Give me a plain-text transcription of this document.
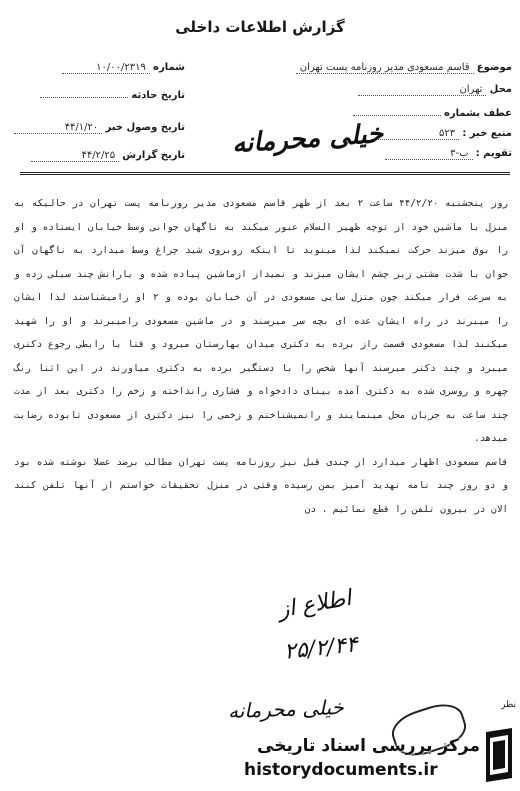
گزارش اطلاعات داخلی
موضوع قاسم مسعودی مدیر روزنامه پست تهران
محل تهران
عطف بشماره
منبع خبر : ۵۲۳
تقویم : ب-۳
شماره ۱۰/۰۰/۲۳۱۹
تاریخ حادثه
تاریخ وصول خبر ۴۴/۱/۲۰
تاریخ گزارش ۴۴/۲/۲۵	خیلی محرمانه

روز پنجشنبه ۴۴/۲/۲۰ ساعت ۲ بعد از ظهر قاسم مسعودی مدیر روزنامه پست تهران در حالیکه به منزل با ماشین خود از توچه ظهیر السلام عبور میکند به ناگهان جوانی وسط خیابان ایستاده و او را بوق میزند حرکت نمیکند لذا مینوید تا اینکه روبروی شید چراغ وسط میدارد به ناگهان آن جوان با شدت مشتی زیر چشم ایشان میزند و نمیداز ازماشین پیاده شده و یارانش چند سیلی زده و به سرعت فرار میکند چون منزل سایی مسعودی در آن خیابان بوده و ۲ او رامیشناسند لذا ایشان را میبرند در راه ایشان عده ای بچه سر میرسند و در ماشین مسعودی رامیبرند و او را شهید میکنند لذا مسعودی قسمت راز برده به دکتری میدان بهارستان میرود و قتا با رابطی رجوع دکتری میبرد و چند دکتر میرسند آنها شخص را با دستگیر برده به دکتری میاورند در این اثنا رنگ چهره و روسری شده به دکتری آمده بینای دادخواه و فشاری رانداخته و زخم را دکتری بعد از مدت چند ساعت به جریان محل مینمایند و رانمیشناختم و زخمی را نیز دکتری از مسعودی تابوده رضایت میدهد.

قاسم مسعودی اظهار میدارد از چندی قبل نیز روزنامه پست تهران مطالب برضد عضلا نوشته شده بود و دو روز چند نامه تهدید آمیز بمن رسیده وقتی در منزل تحقیقات خواستم از آنها تلفن کنند الان در بیرون تلفن را قطع نمائیم . دن

اطلاع از
۲۵/۲/۴۴
خیلی محرمانه	نظر
مرکز بررسی اسناد تاریخی
historydocuments.ir
